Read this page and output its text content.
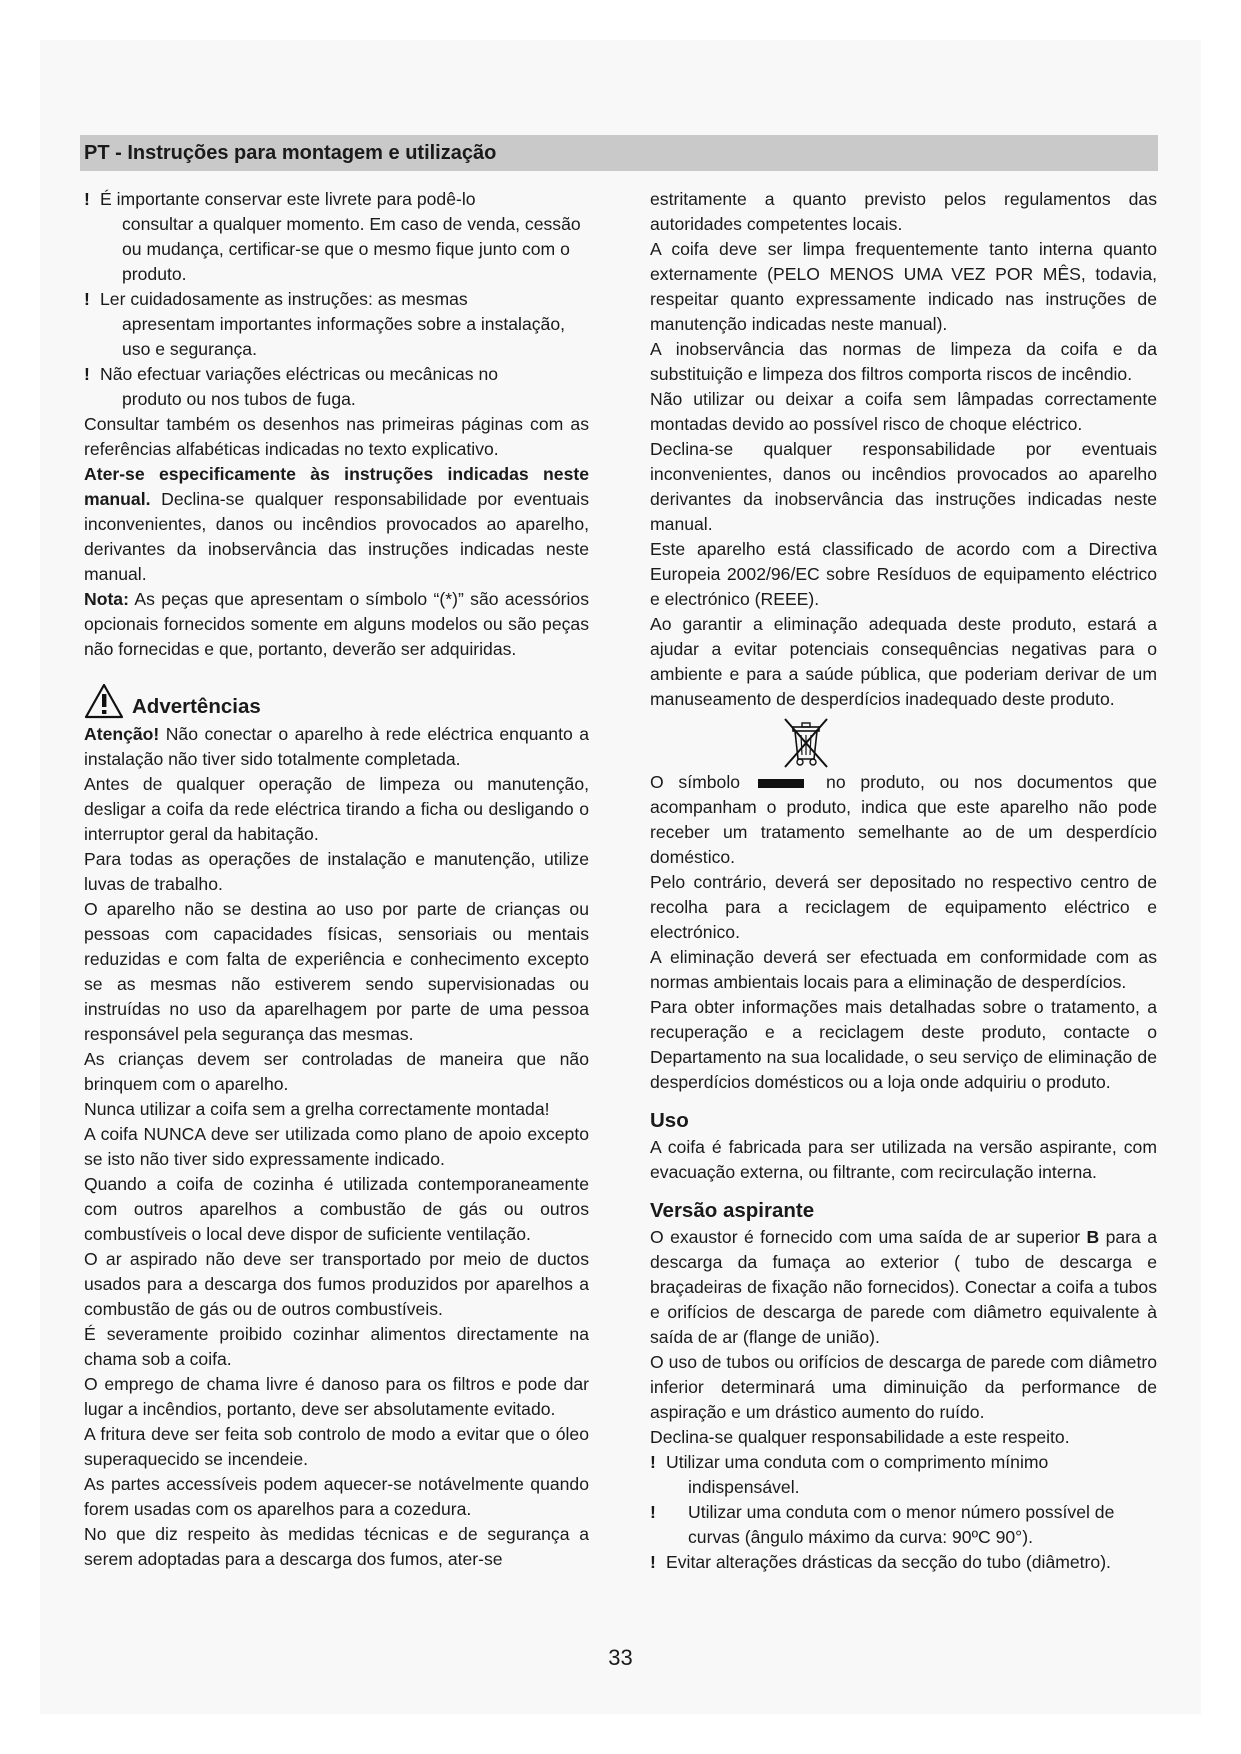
PT - Instruções para montagem e utilização
! É importante conservar este livrete para podê-lo
consultar a qualquer momento. Em caso de venda, cessão ou mudança, certificar-se que o mesmo fique junto com o produto.
! Ler cuidadosamente as instruções: as mesmas
apresentam importantes informações sobre a instalação, uso e segurança.
! Não efectuar variações eléctricas ou mecânicas no
produto ou nos tubos de fuga.

Consultar também os desenhos nas primeiras páginas com as referências alfabéticas indicadas no texto explicativo.

Ater-se especificamente às instruções indicadas neste manual. Declina-se qualquer responsabilidade por eventuais inconvenientes, danos ou incêndios provocados ao aparelho, derivantes da inobservância das instruções indicadas neste manual.

Nota: As peças que apresentam o símbolo “(*)” são acessórios opcionais fornecidos somente em alguns modelos ou são peças não fornecidas e que, portanto, deverão ser adquiridas.

Advertências

Atenção! Não conectar o aparelho à rede eléctrica enquanto a instalação não tiver sido totalmente completada.

Antes de qualquer operação de limpeza ou manutenção, desligar a coifa da rede eléctrica tirando a ficha ou desligando o interruptor geral da habitação.

Para todas as operações de instalação e manutenção, utilize luvas de trabalho.

O aparelho não se destina ao uso por parte de crianças ou pessoas com capacidades físicas, sensoriais ou mentais reduzidas e com falta de experiência e conhecimento excepto se as mesmas não estiverem sendo supervisionadas ou instruídas no uso da aparelhagem por parte de uma pessoa responsável pela segurança das mesmas.

As crianças devem ser controladas de maneira que não brinquem com o aparelho.

Nunca utilizar a coifa sem a grelha correctamente montada!

A coifa NUNCA deve ser utilizada como plano de apoio excepto se isto não tiver sido expressamente indicado.

Quando a coifa de cozinha é utilizada contemporaneamente com outros aparelhos a combustão de gás ou outros combustíveis o local deve dispor de suficiente ventilação.

O ar aspirado não deve ser transportado por meio de ductos usados para a descarga dos fumos produzidos por aparelhos a combustão de gás ou de outros combustíveis.

É severamente proibido cozinhar alimentos directamente na chama sob a coifa.

O emprego de chama livre é danoso para os filtros e pode dar lugar a incêndios, portanto, deve ser absolutamente evitado.

A fritura deve ser feita sob controlo de modo a evitar que o óleo superaquecido se incendeie.

As partes accessíveis podem aquecer-se notávelmente quando forem usadas com os aparelhos para a cozedura.

No que diz respeito às medidas técnicas e de segurança a serem adoptadas para a descarga dos fumos, ater-se

estritamente a quanto previsto pelos regulamentos das autoridades competentes locais.

A coifa deve ser limpa frequentemente tanto interna quanto externamente (PELO MENOS UMA VEZ POR MÊS, todavia, respeitar quanto expressamente indicado nas instruções de manutenção indicadas neste manual).

A inobservância das normas de limpeza da coifa e da substituição e limpeza dos filtros comporta riscos de incêndio.

Não utilizar ou deixar a coifa sem lâmpadas correctamente montadas devido ao possível risco de choque eléctrico.

Declina-se qualquer responsabilidade por eventuais inconvenientes, danos ou incêndios provocados ao aparelho derivantes da inobservância das instruções indicadas neste manual.

Este aparelho está classificado de acordo com a Directiva Europeia 2002/96/EC sobre Resíduos de equipamento eléctrico e electrónico (REEE).

Ao garantir a eliminação adequada deste produto, estará a ajudar a evitar potenciais consequências negativas para o ambiente e para a saúde pública, que poderiam derivar de um manuseamento de desperdícios inadequado deste produto.

O símbolo	no produto, ou nos documentos que acompanham o produto, indica que este aparelho não pode receber um tratamento semelhante ao de um desperdício doméstico.

Pelo contrário, deverá ser depositado no respectivo centro de recolha para a reciclagem de equipamento eléctrico e electrónico.

A eliminação deverá ser efectuada em conformidade com as normas ambientais locais para a eliminação de desperdícios.

Para obter informações mais detalhadas sobre o tratamento, a recuperação e a reciclagem deste produto, contacte o Departamento na sua localidade, o seu serviço de eliminação de desperdícios domésticos ou a loja onde adquiriu o produto.

Uso

A coifa é fabricada para ser utilizada na versão aspirante, com evacuação externa, ou filtrante, com recirculação interna.

Versão aspirante

O exaustor é fornecido com uma saída de ar superior B para a descarga da fumaça ao exterior ( tubo de descarga e braçadeiras de fixação não fornecidos). Conectar a coifa a tubos e orifícios de descarga de parede com diâmetro equivalente à saída de ar (flange de união).

O uso de tubos ou orifícios de descarga de parede com diâmetro inferior determinará uma diminuição da performance de aspiração e um drástico aumento do ruído.

Declina-se qualquer responsabilidade a este respeito.

! Utilizar uma conduta com o comprimento mínimo
indispensável.
! Utilizar uma conduta com o menor número possível de
curvas (ângulo máximo da curva: 90ºC 90°).
! Evitar alterações drásticas da secção do tubo (diâmetro).
33
